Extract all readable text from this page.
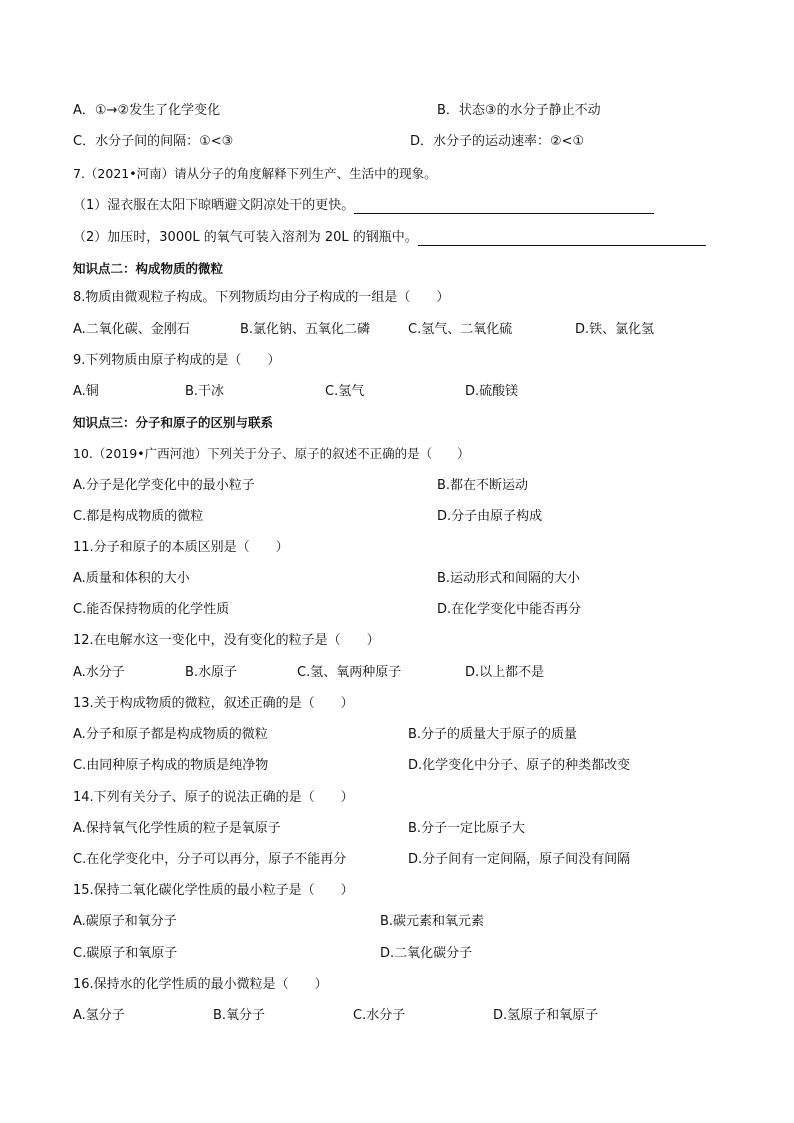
A．①→②发生了化学变化	B．状态③的水分子静止不动
C．水分子间的间隔：①<③	D．水分子的运动速率：②<①
7.（2021•河南）请从分子的角度解释下列生产、生活中的现象。
（1）湿衣服在太阳下晾晒避文阴凉处干的更快。
（2）加压时，3000L 的氧气可装入溶剂为 20L 的钢瓶中。
知识点二：构成物质的微粒
8.物质由微观粒子构成。下列物质均由分子构成的一组是（　　）
A.二氧化碳、金刚石	B.氯化钠、五氧化二磷	C.氢气、二氧化硫	D.铁、氯化氢
9.下列物质由原子构成的是（　　）
A.铜	B.干冰	C.氢气	D.硫酸镁
知识点三：分子和原子的区别与联系
10.（2019•广西河池）下列关于分子、原子的叙述不正确的是（　　）
A.分子是化学变化中的最小粒子	B.都在不断运动
C.都是构成物质的微粒	D.分子由原子构成
11.分子和原子的本质区别是（　　）
A.质量和体积的大小	B.运动形式和间隔的大小
C.能否保持物质的化学性质	D.在化学变化中能否再分
12.在电解水这一变化中，没有变化的粒子是（　　）
A.水分子	B.水原子	C.氢、氧两种原子	D.以上都不是
13.关于构成物质的微粒，叙述正确的是（　　）
A.分子和原子都是构成物质的微粒	B.分子的质量大于原子的质量
C.由同种原子构成的物质是纯净物	D.化学变化中分子、原子的种类都改变
14.下列有关分子、原子的说法正确的是（　　）
A.保持氧气化学性质的粒子是氧原子	B.分子一定比原子大
C.在化学变化中，分子可以再分，原子不能再分	D.分子间有一定间隔，原子间没有间隔
15.保持二氧化碳化学性质的最小粒子是（　　）
A.碳原子和氧分子	B.碳元素和氧元素
C.碳原子和氧原子	D.二氧化碳分子
16.保持水的化学性质的最小微粒是（　　）
A.氢分子	B.氧分子	C.水分子	D.氢原子和氧原子
